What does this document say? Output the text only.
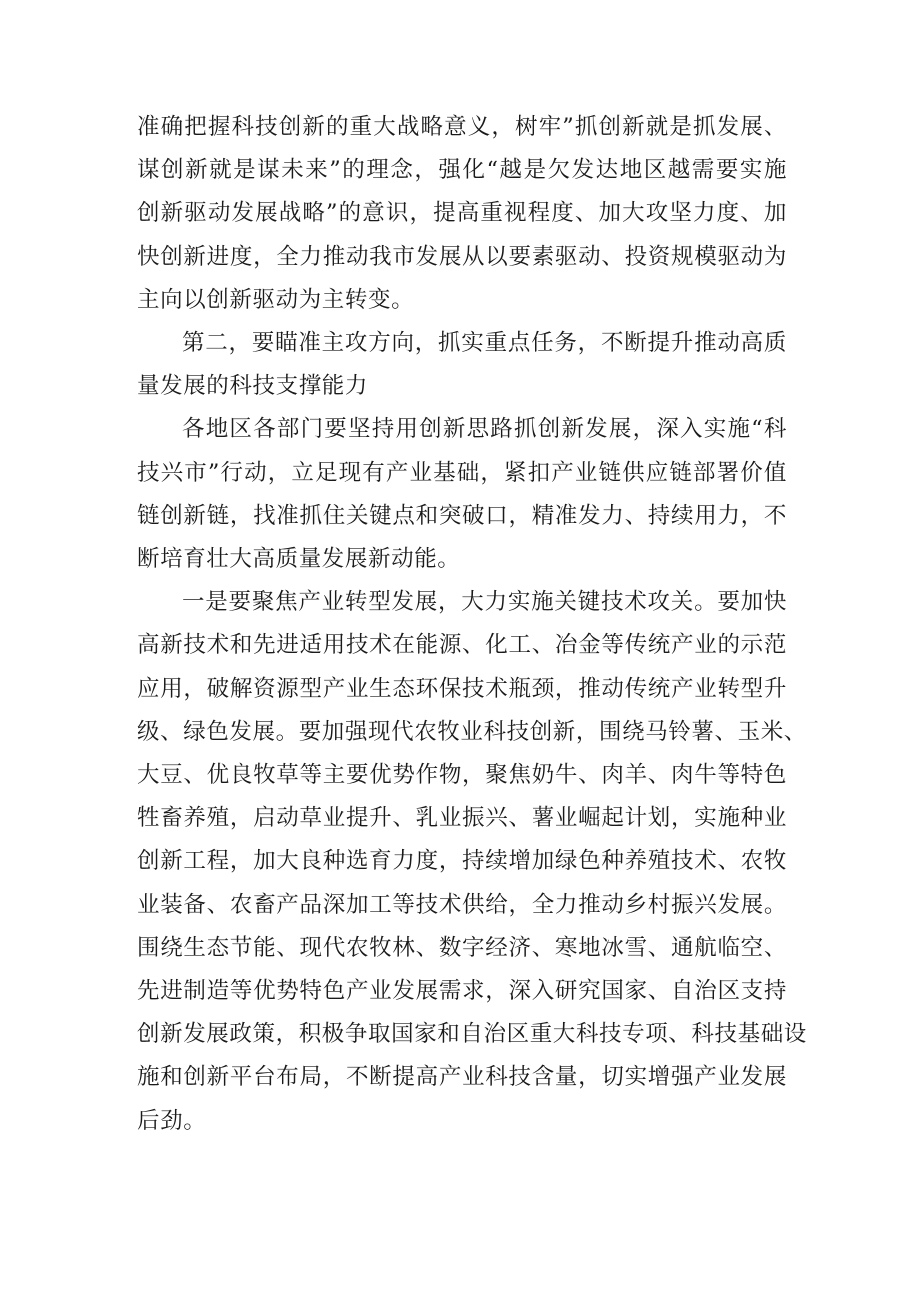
准确把握科技创新的重大战略意义，树牢”抓创新就是抓发展、
谋创新就是谋未来”的理念，强化“越是欠发达地区越需要实施
创新驱动发展战略”的意识，提高重视程度、加大攻坚力度、加
快创新进度，全力推动我市发展从以要素驱动、投资规模驱动为
主向以创新驱动为主转变。
第二，要瞄准主攻方向，抓实重点任务，不断提升推动高质
量发展的科技支撑能力
各地区各部门要坚持用创新思路抓创新发展，深入实施“科
技兴市”行动，立足现有产业基础，紧扣产业链供应链部署价值
链创新链，找准抓住关键点和突破口，精准发力、持续用力，不
断培育壮大高质量发展新动能。
一是要聚焦产业转型发展，大力实施关键技术攻关。要加快
高新技术和先进适用技术在能源、化工、冶金等传统产业的示范
应用，破解资源型产业生态环保技术瓶颈，推动传统产业转型升
级、绿色发展。要加强现代农牧业科技创新，围绕马铃薯、玉米、
大豆、优良牧草等主要优势作物，聚焦奶牛、肉羊、肉牛等特色
牲畜养殖，启动草业提升、乳业振兴、薯业崛起计划，实施种业
创新工程，加大良种选育力度，持续增加绿色种养殖技术、农牧
业装备、农畜产品深加工等技术供给，全力推动乡村振兴发展。
围绕生态节能、现代农牧林、数字经济、寒地冰雪、通航临空、
先进制造等优势特色产业发展需求，深入研究国家、自治区支持
创新发展政策，积极争取国家和自治区重大科技专项、科技基础设
施和创新平台布局，不断提高产业科技含量，切实增强产业发展
后劲。
